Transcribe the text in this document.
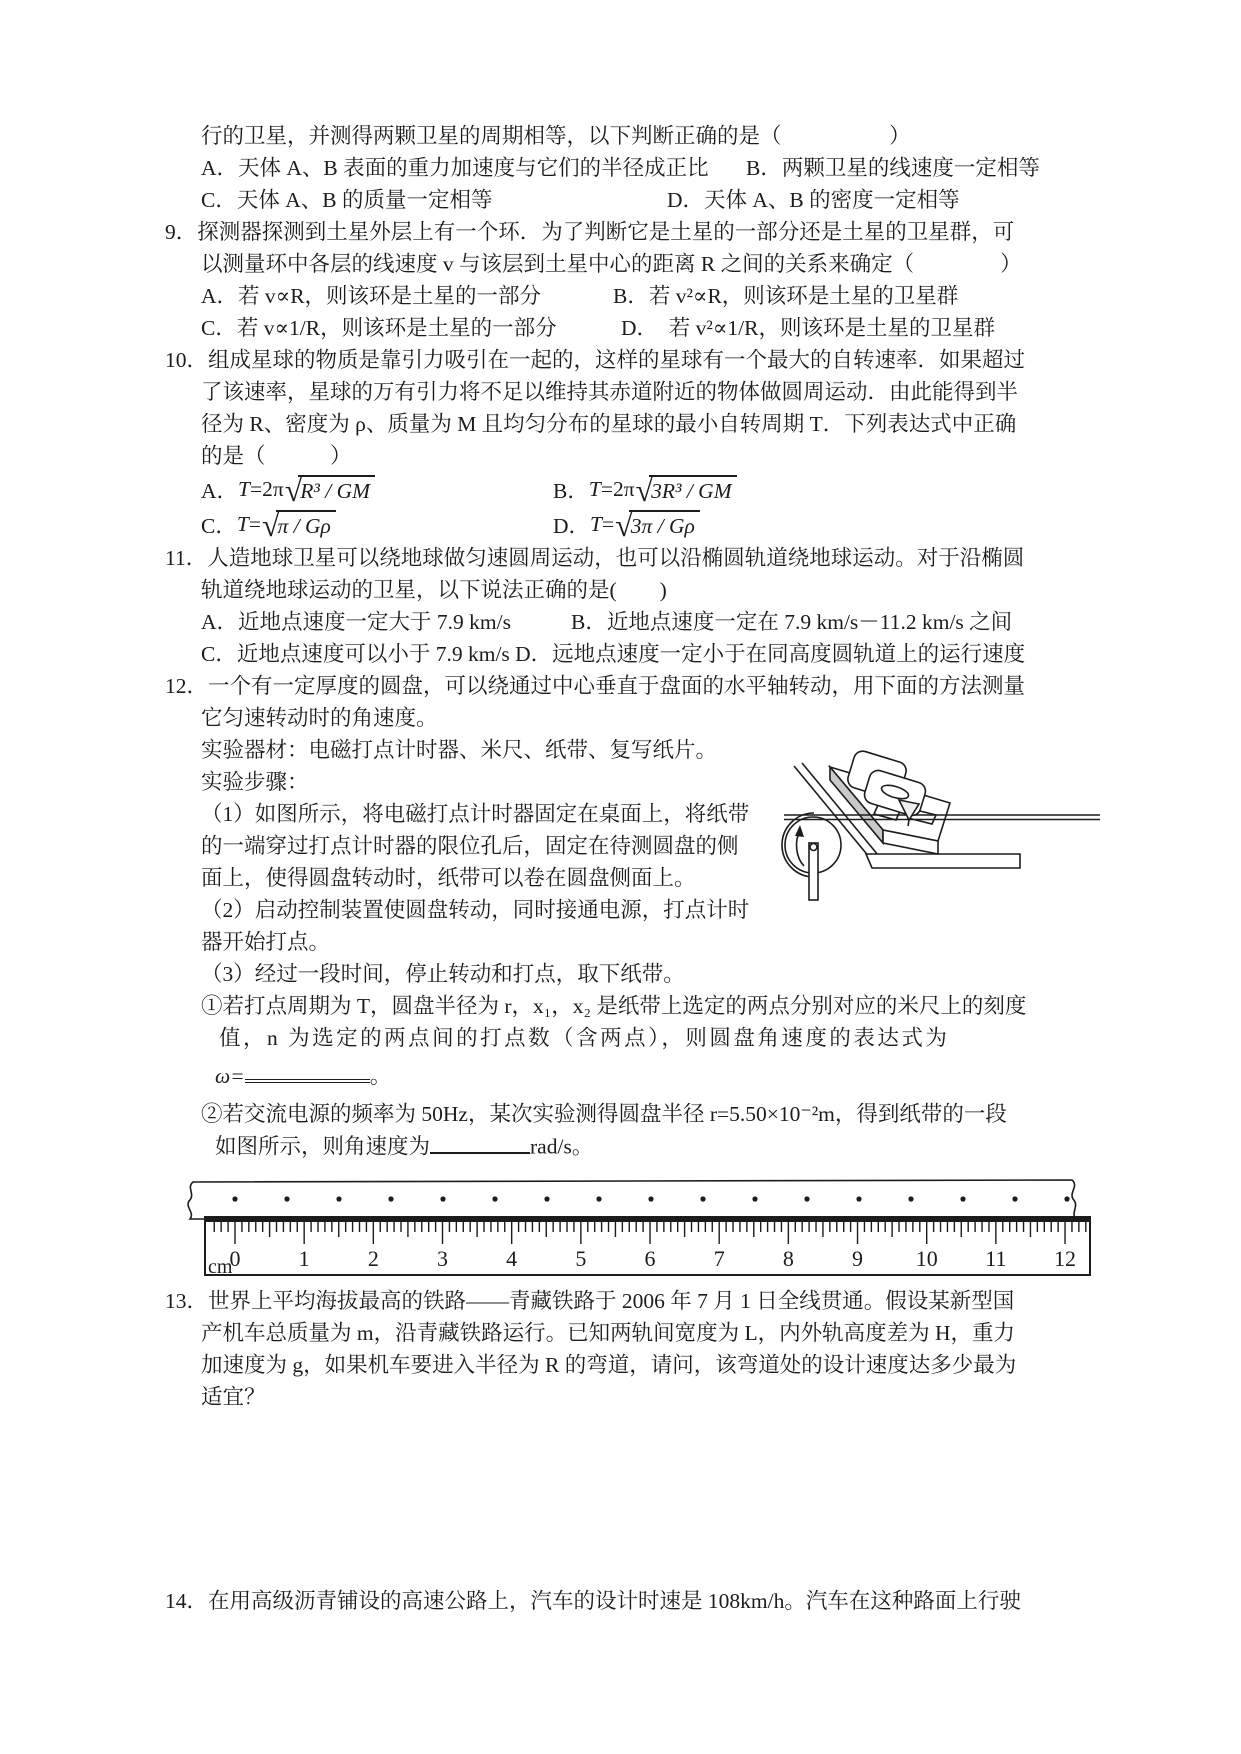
行的卫星，并测得两颗卫星的周期相等，以下判断正确的是（　　　　　）
A．天体 A、B 表面的重力加速度与它们的半径成正比 B．两颗卫星的线速度一定相等
C．天体 A、B 的质量一定相等	D．天体 A、B 的密度一定相等
9．探测器探测到土星外层上有一个环．为了判断它是土星的一部分还是土星的卫星群，可
以测量环中各层的线速度 v 与该层到土星中心的距离 R 之间的关系来确定（　　　　）
A．若 v∝R，则该环是土星的一部分	B．若 v²∝R，则该环是土星的卫星群
C．若 v∝1/R，则该环是土星的一部分	D．　若 v²∝1/R，则该环是土星的卫星群
10．组成星球的物质是靠引力吸引在一起的，这样的星球有一个最大的自转速率．如果超过
了该速率，星球的万有引力将不足以维持其赤道附近的物体做圆周运动．由此能得到半
径为 R、密度为 ρ、质量为 M 且均匀分布的星球的最小自转周期 T．下列表达式中正确
的是（　　　）
A． T =2π √
R³ / GM	B． T =2π √
3R³ / GM
C． T = √
π / Gρ	D． T = √
3π / Gρ
11．人造地球卫星可以绕地球做匀速圆周运动，也可以沿椭圆轨道绕地球运动。对于沿椭圆
轨道绕地球运动的卫星，以下说法正确的是(　　)
A．近地点速度一定大于 7.9 km/s	B．近地点速度一定在 7.9 km/s－11.2 km/s 之间
C．近地点速度可以小于 7.9 km/s D．远地点速度一定小于在同高度圆轨道上的运行速度
12．一个有一定厚度的圆盘，可以绕通过中心垂直于盘面的水平轴转动，用下面的方法测量
它匀速转动时的角速度。
实验器材：电磁打点计时器、米尺、纸带、复写纸片。
实验步骤：
（1）如图所示，将电磁打点计时器固定在桌面上，将纸带
的一端穿过打点计时器的限位孔后，固定在待测圆盘的侧
面上，使得圆盘转动时，纸带可以卷在圆盘侧面上。
（2）启动控制装置使圆盘转动，同时接通电源，打点计时
器开始打点。
（3）经过一段时间，停止转动和打点，取下纸带。
①若打点周期为 T，圆盘半径为 r，x₁，x₂ 是纸带上选定的两点分别对应的米尺上的刻度
值，n 为选定的两点间的打点数（含两点），则圆盘角速度的表达式为
ω=	。
②若交流电源的频率为 50Hz，某次实验测得圆盘半径 r=5.50×10⁻²m，得到纸带的一段
如图所示，则角速度为	rad/s。
0	1	2	3	4	5	6	7	8	9 10 11 12
cm
13．世界上平均海拔最高的铁路——青藏铁路于 2006 年 7 月 1 日全线贯通。假设某新型国
产机车总质量为 m，沿青藏铁路运行。已知两轨间宽度为 L，内外轨高度差为 H，重力
加速度为 g，如果机车要进入半径为 R 的弯道，请问，该弯道处的设计速度达多少最为
适宜？
14．在用高级沥青铺设的高速公路上，汽车的设计时速是 108km/h。汽车在这种路面上行驶
